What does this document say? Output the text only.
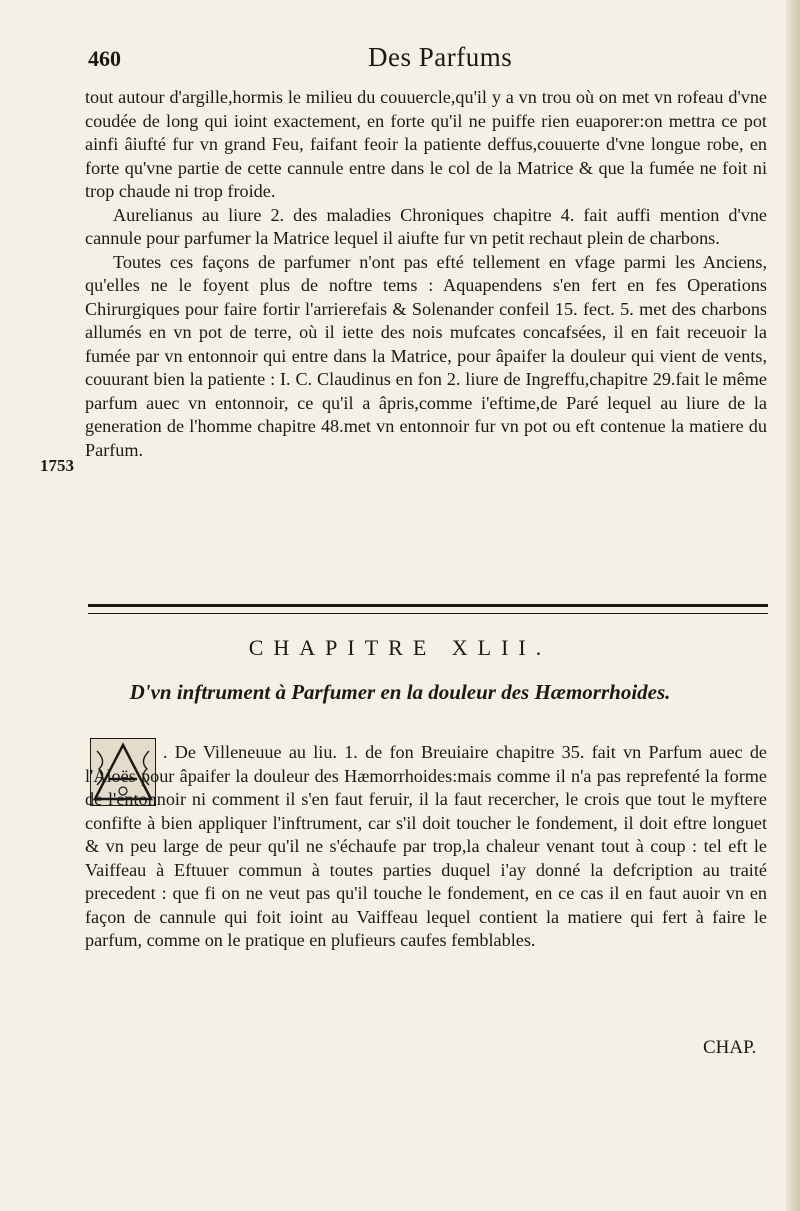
460	Des Parfums

tout autour d'argille,hormis le milieu du couuercle,qu'il y a vn trou où on met vn rofeau d'vne coudée de long qui ioint exactement, en forte qu'il ne puiffe rien euaporer:on mettra ce pot ainfi âiufté fur vn grand Feu, faifant feoir la patiente deffus,couuerte d'vne longue robe, en forte qu'vne partie de cette cannule entre dans le col de la Matrice & que la fumée ne foit ni trop chaude ni trop froide.

Aurelianus au liure 2. des maladies Chroniques chapitre 4. fait auffi mention d'vne cannule pour parfumer la Matrice lequel il aiufte fur vn petit rechaut plein de charbons.

Toutes ces façons de parfumer n'ont pas efté tellement en vfage parmi les Anciens, qu'elles ne le foyent plus de noftre tems : Aquapendens s'en fert en fes Operations Chirurgiques pour faire fortir l'arrierefais & Solenander confeil 15. fect. 5. met des charbons allumés en vn pot de terre, où il iette des nois mufcates concafsées, il en fait receuoir la fumée par vn entonnoir qui entre dans la Matrice, pour âpaifer la douleur qui vient de vents, couurant bien la patiente : I. C. Claudinus en fon 2. liure de Ingreffu,chapitre 29.fait le même parfum auec vn entonnoir, ce qu'il a âpris,comme i'eftime,de Paré lequel au liure de la generation de l'homme chapitre 48.met vn entonnoir fur vn pot ou eft contenue la matiere du Parfum.

1753
CHAPITRE XLII.
D'vn inftrument à Parfumer en la douleur des Hæmorrhoides.

. De Villeneuue au liu. 1. de fon Breuiaire chapitre 35. fait vn Parfum auec de l'Aloës pour âpaifer la douleur des Hæmorrhoides:mais comme il n'a pas reprefenté la forme de l'entonnoir ni comment il s'en faut feruir, il la faut recercher, le crois que tout le myftere confifte à bien appliquer l'inftrument, car s'il doit toucher le fondement, il doit eftre longuet & vn peu large de peur qu'il ne s'échaufe par trop,la chaleur venant tout à coup : tel eft le Vaiffeau à Eftuuer commun à toutes parties duquel i'ay donné la defcription au traité precedent : que fi on ne veut pas qu'il touche le fondement, en ce cas il en faut auoir vn en façon de cannule qui foit ioint au Vaiffeau lequel contient la matiere qui fert à faire le parfum, comme on le pratique en plufieurs caufes femblables.

CHAP.
